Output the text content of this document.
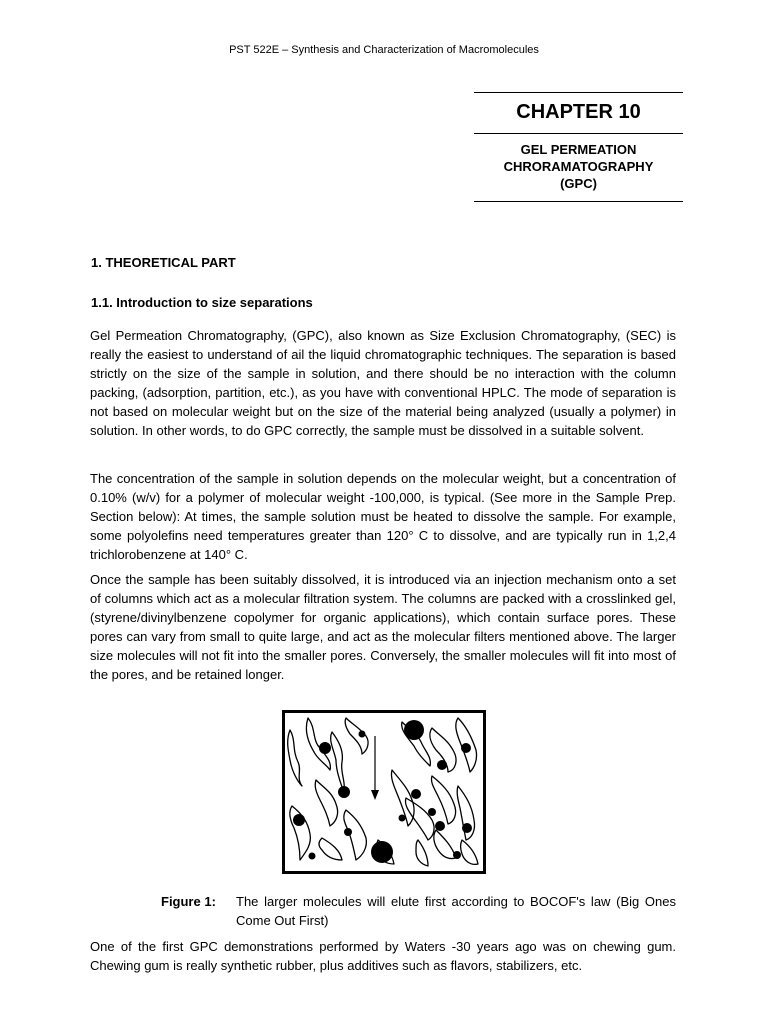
PST 522E – Synthesis and Characterization of Macromolecules
CHAPTER 10
GEL PERMEATION
CHRORAMATOGRAPHY
(GPC)
1. THEORETICAL PART
1.1. Introduction to size separations

Gel Permeation Chromatography, (GPC), also known as Size Exclusion Chromatography, (SEC) is really the easiest to understand of ail the liquid chromatographic techniques. The separation is based strictly on the size of the sample in solution, and there should be no interaction with the column packing, (adsorption, partition, etc.), as you have with conventional HPLC. The mode of separation is not based on molecular weight but on the size of the material being analyzed (usually a polymer) in solution. In other words, to do GPC correctly, the sample must be dissolved in a suitable solvent.

The concentration of the sample in solution depends on the molecular weight, but a concentration of 0.10% (w/v) for a polymer of molecular weight -100,000, is typical. (See more in the Sample Prep. Section below): At times, the sample solution must be heated to dissolve the sample. For example, some polyolefins need temperatures greater than 120° C to dissolve, and are typically run in 1,2,4 trichlorobenzene at 140° C.

Once the sample has been suitably dissolved, it is introduced via an injection mechanism onto a set of columns which act as a molecular filtration system. The columns are packed with a crosslinked gel, (styrene/divinylbenzene copolymer for organic applications), which contain surface pores. These pores can vary from small to quite large, and act as the molecular filters mentioned above. The larger size molecules will not fit into the smaller pores. Conversely, the smaller molecules will fit into most of the pores, and be retained longer.

Figure 1:	The larger molecules will elute first according to BOCOF's law (Big Ones Come Out First)

One of the first GPC demonstrations performed by Waters -30 years ago was on chewing gum. Chewing gum is really synthetic rubber, plus additives such as flavors, stabilizers, etc.
